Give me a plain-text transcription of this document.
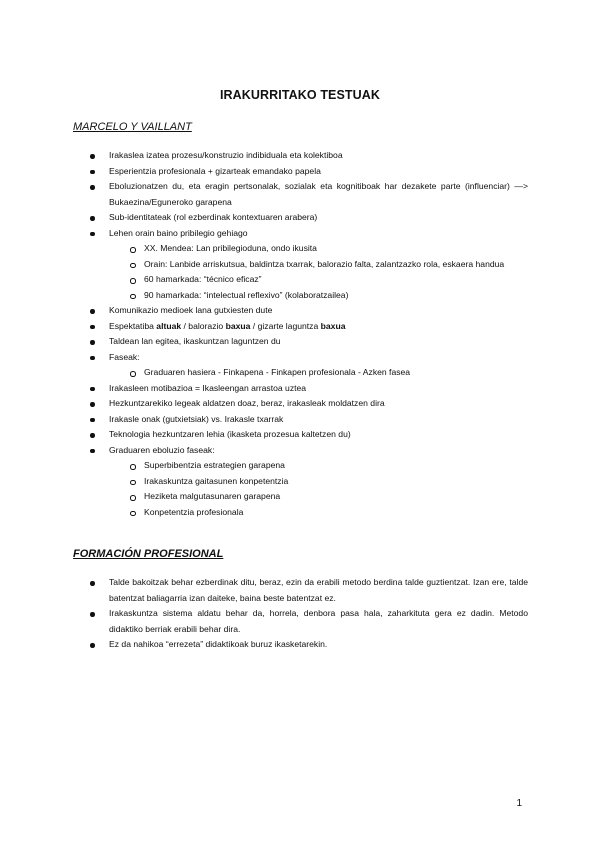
IRAKURRITAKO TESTUAK
MARCELO Y VAILLANT
Irakaslea izatea prozesu/konstruzio indibiduala eta kolektiboa
Esperientzia profesionala + gizarteak emandako papela
Eboluzionatzen du, eta eragin pertsonalak, sozialak eta kognitiboak har dezakete parte (influenciar) —> Bukaezina/Eguneroko garapena
Sub-identitateak (rol ezberdinak kontextuaren arabera)
Lehen orain baino pribilegio gehiago
XX. Mendea: Lan pribilegioduna, ondo ikusita
Orain: Lanbide arriskutsua, baldintza txarrak, balorazio falta, zalantzazko rola, eskaera handua
60 hamarkada: “técnico eficaz”
90 hamarkada: “intelectual reflexivo” (kolaboratzailea)
Komunikazio medioek lana gutxiesten dute
Espektatiba altuak / balorazio baxua / gizarte laguntza baxua
Taldean lan egitea, ikaskuntzan laguntzen du
Faseak:
Graduaren hasiera - Finkapena - Finkapen profesionala - Azken fasea
Irakasleen motibazioa = Ikasleengan arrastoa uztea
Hezkuntzarekiko legeak aldatzen doaz, beraz, irakasleak moldatzen dira
Irakasle onak (gutxietsiak) vs. Irakasle txarrak
Teknologia hezkuntzaren lehia (ikasketa prozesua kaltetzen du)
Graduaren eboluzio faseak:
Superbibentzia estrategien garapena
Irakaskuntza gaitasunen konpetentzia
Heziketa malgutasunaren garapena
Konpetentzia profesionala
FORMACIÓN PROFESIONAL
Talde bakoitzak behar ezberdinak ditu, beraz, ezin da erabili metodo berdina talde guztientzat. Izan ere, talde batentzat baliagarria izan daiteke, baina beste batentzat ez.
Irakaskuntza sistema aldatu behar da, horrela, denbora pasa hala, zaharkituta gera ez dadin. Metodo didaktiko berriak erabili behar dira.
Ez da nahikoa “errezeta” didaktikoak buruz ikasketarekin.
1
